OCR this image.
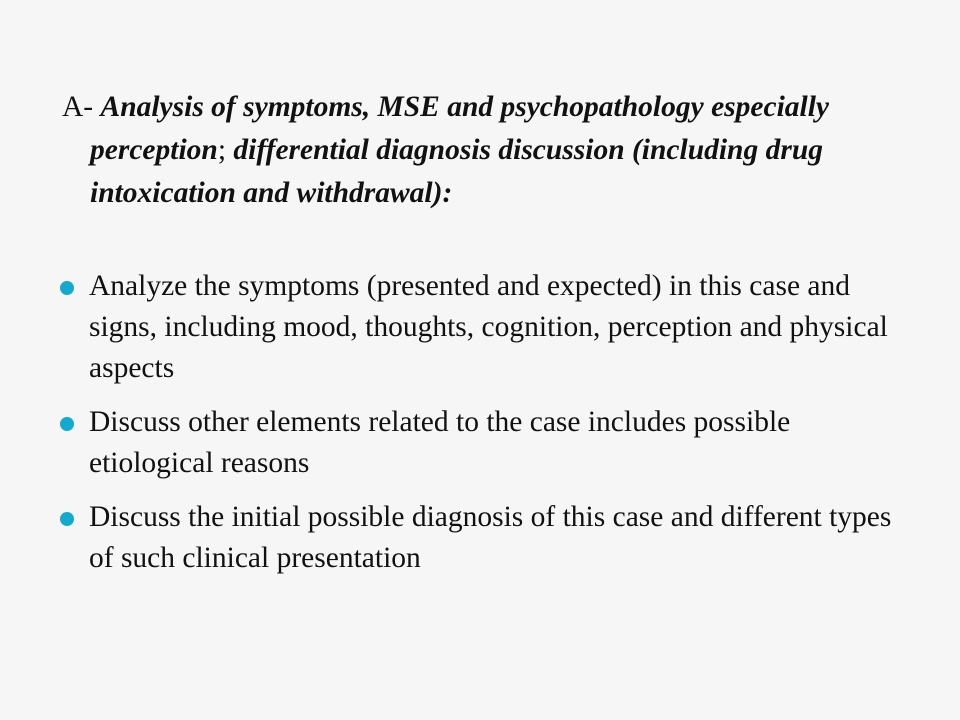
A- Analysis of symptoms, MSE and psychopathology especially perception; differential diagnosis discussion (including drug intoxication and withdrawal):
Analyze the symptoms (presented and expected) in this case and signs, including mood, thoughts, cognition, perception and physical aspects
Discuss other elements related to the case includes possible etiological reasons
Discuss the initial possible diagnosis of this case and different types of such clinical presentation
